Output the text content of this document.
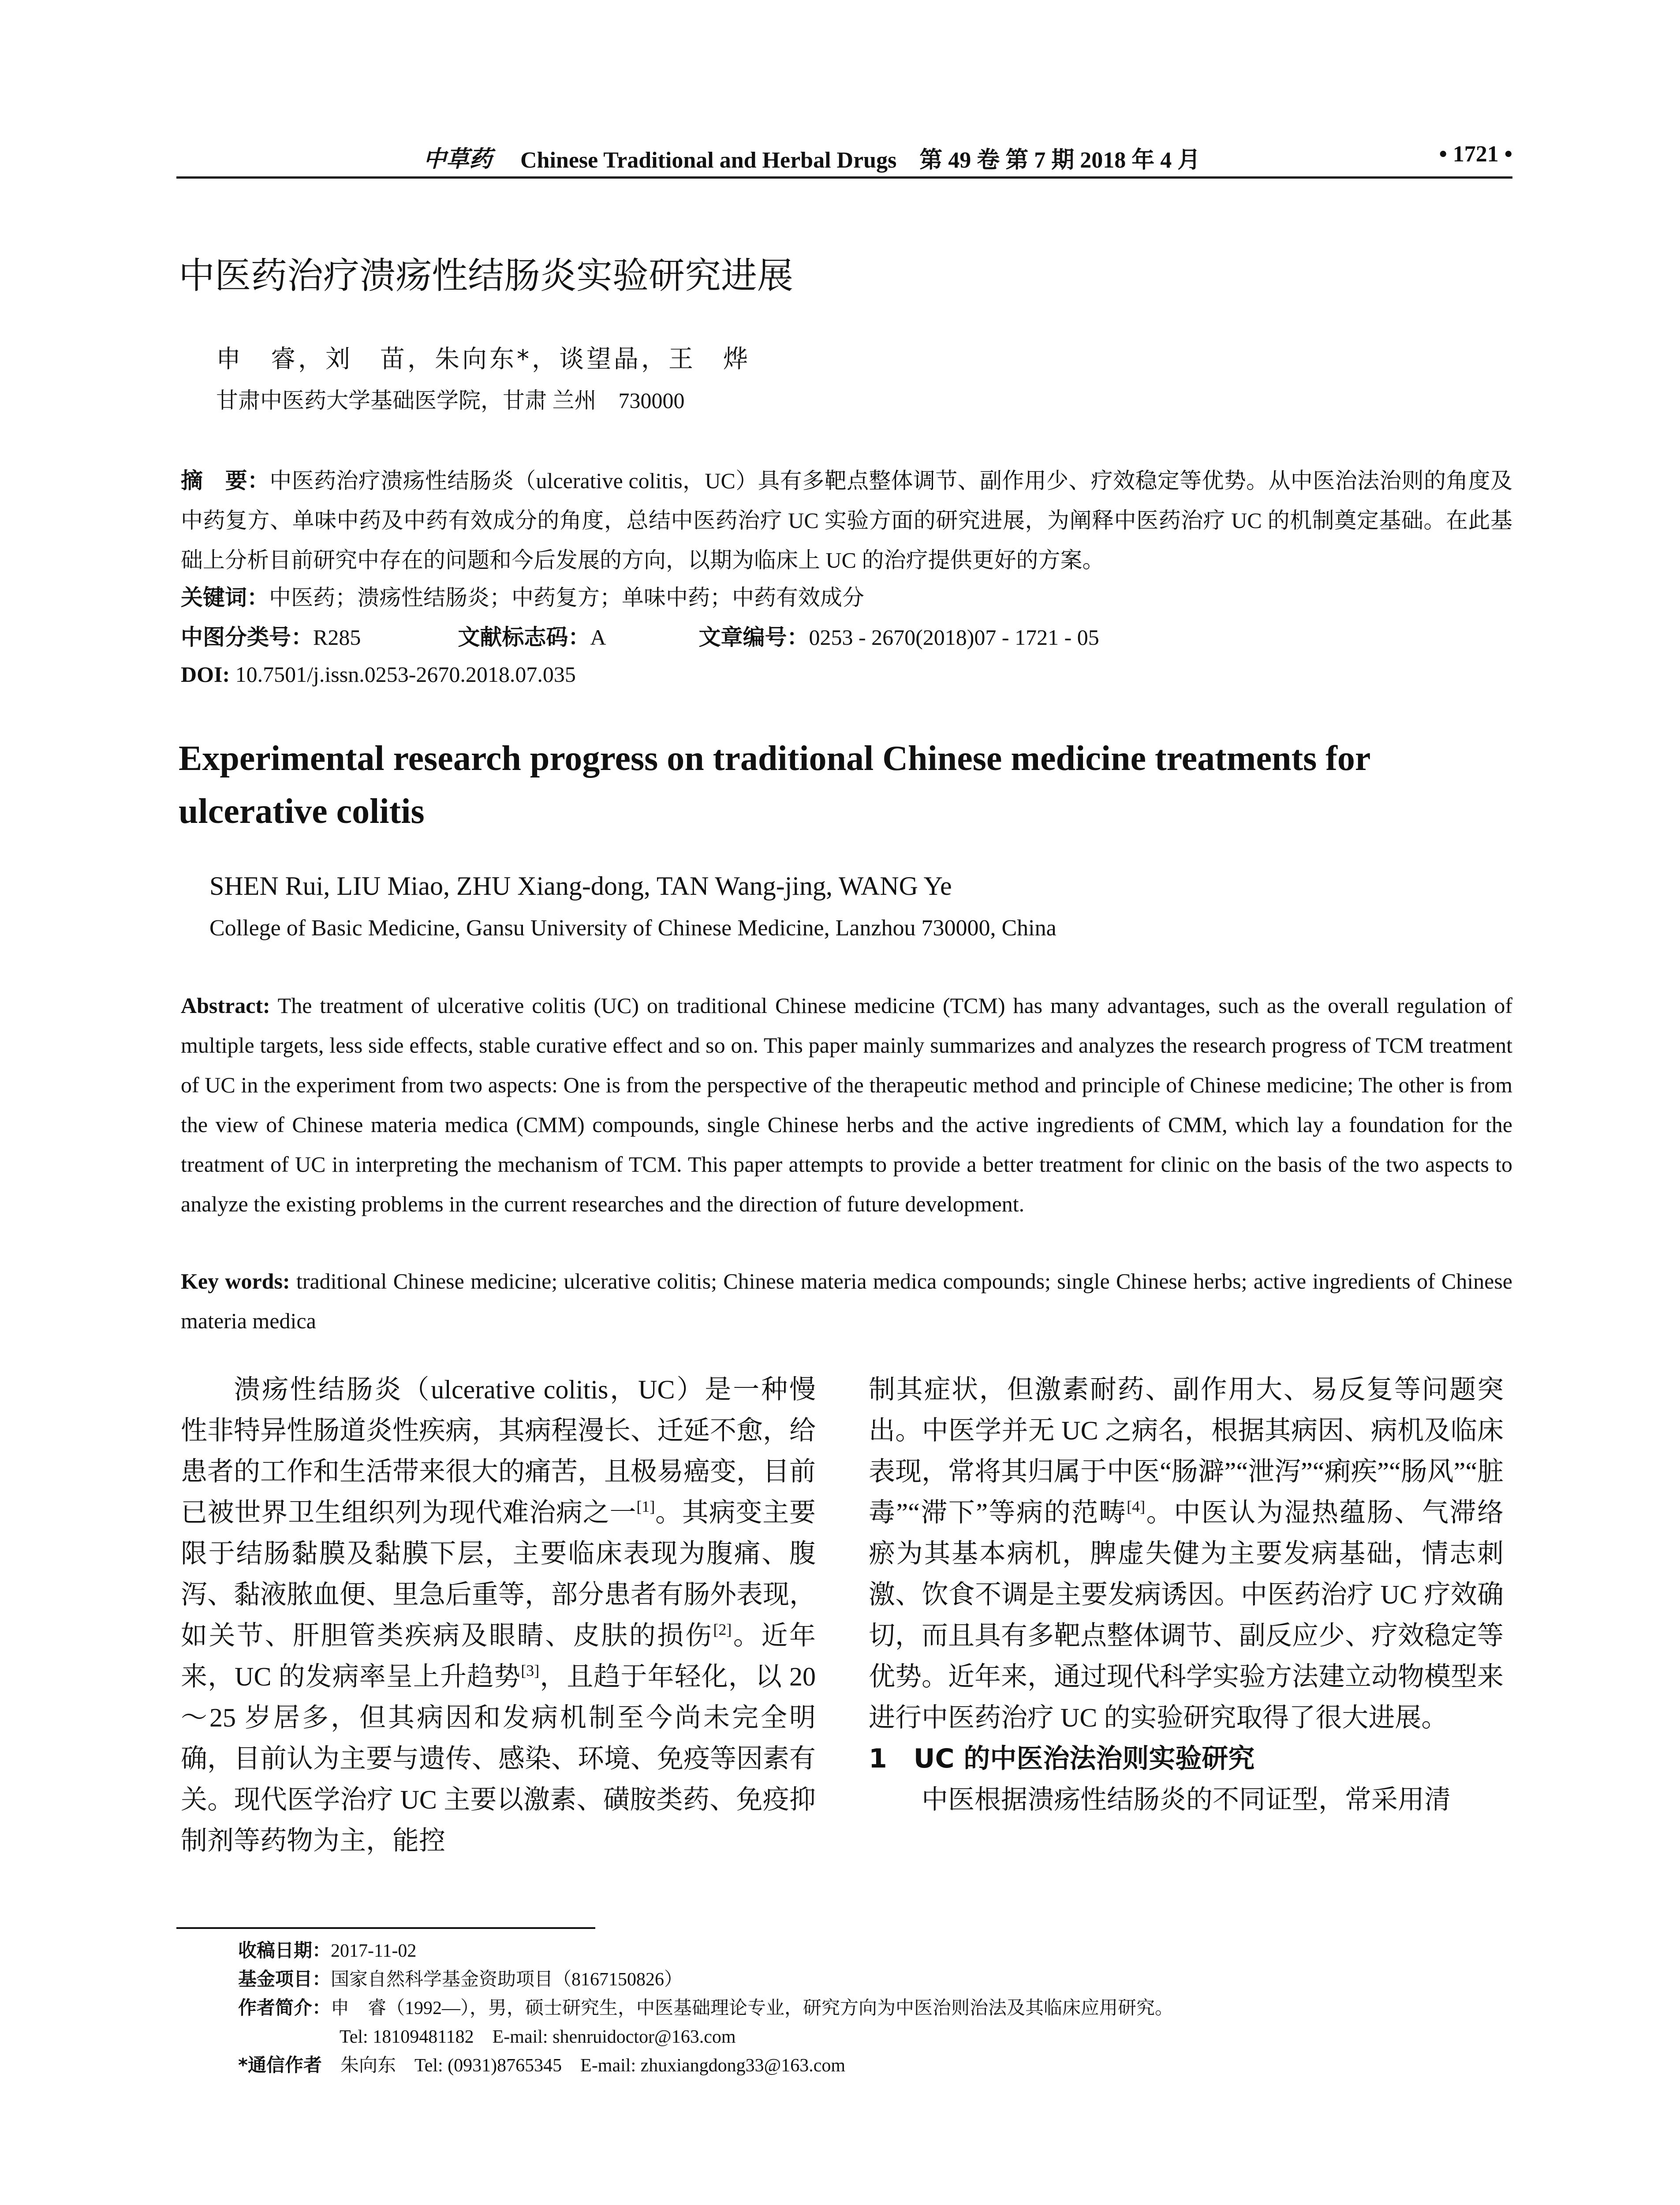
中草药 Chinese Traditional and Herbal Drugs　第 49 卷 第 7 期 2018 年 4 月	• 1721 •
中医药治疗溃疡性结肠炎实验研究进展
申　睿，刘　苗，朱向东*，谈望晶，王　烨
甘肃中医药大学基础医学院，甘肃 兰州　730000
摘　要：中医药治疗溃疡性结肠炎（ulcerative colitis，UC）具有多靶点整体调节、副作用少、疗效稳定等优势。从中医治法治则的角度及中药复方、单味中药及中药有效成分的角度，总结中医药治疗 UC 实验方面的研究进展，为阐释中医药治疗 UC 的机制奠定基础。在此基础上分析目前研究中存在的问题和今后发展的方向，以期为临床上 UC 的治疗提供更好的方案。
关键词：中医药；溃疡性结肠炎；中药复方；单味中药；中药有效成分
中图分类号：R285	文献标志码：A	文章编号：0253 - 2670(2018)07 - 1721 - 05
DOI: 10.7501/j.issn.0253-2670.2018.07.035
Experimental research progress on traditional Chinese medicine treatments for ulcerative colitis
SHEN Rui, LIU Miao, ZHU Xiang-dong, TAN Wang-jing, WANG Ye
College of Basic Medicine, Gansu University of Chinese Medicine, Lanzhou 730000, China
Abstract: The treatment of ulcerative colitis (UC) on traditional Chinese medicine (TCM) has many advantages, such as the overall regulation of multiple targets, less side effects, stable curative effect and so on. This paper mainly summarizes and analyzes the research progress of TCM treatment of UC in the experiment from two aspects: One is from the perspective of the therapeutic method and principle of Chinese medicine; The other is from the view of Chinese materia medica (CMM) compounds, single Chinese herbs and the active ingredients of CMM, which lay a foundation for the treatment of UC in interpreting the mechanism of TCM. This paper attempts to provide a better treatment for clinic on the basis of the two aspects to analyze the existing problems in the current researches and the direction of future development.
Key words: traditional Chinese medicine; ulcerative colitis; Chinese materia medica compounds; single Chinese herbs; active ingredients of Chinese materia medica

溃疡性结肠炎（ulcerative colitis，UC）是一种慢性非特异性肠道炎性疾病，其病程漫长、迁延不愈，给患者的工作和生活带来很大的痛苦，且极易癌变，目前已被世界卫生组织列为现代难治病之一[1]。其病变主要限于结肠黏膜及黏膜下层，主要临床表现为腹痛、腹泻、黏液脓血便、里急后重等，部分患者有肠外表现，如关节、肝胆管类疾病及眼睛、皮肤的损伤[2]。近年来，UC 的发病率呈上升趋势[3]，且趋于年轻化，以 20～25 岁居多，但其病因和发病机制至今尚未完全明确，目前认为主要与遗传、感染、环境、免疫等因素有关。现代医学治疗 UC 主要以激素、磺胺类药、免疫抑制剂等药物为主，能控

制其症状，但激素耐药、副作用大、易反复等问题突出。中医学并无 UC 之病名，根据其病因、病机及临床表现，常将其归属于中医“肠澼”“泄泻”“痢疾”“肠风”“脏毒”“滞下”等病的范畴[4]。中医认为湿热蕴肠、气滞络瘀为其基本病机，脾虚失健为主要发病基础，情志刺激、饮食不调是主要发病诱因。中医药治疗 UC 疗效确切，而且具有多靶点整体调节、副反应少、疗效稳定等优势。近年来，通过现代科学实验方法建立动物模型来进行中医药治疗 UC 的实验研究取得了很大进展。

1　UC 的中医治法治则实验研究

中医根据溃疡性结肠炎的不同证型，常采用清

收稿日期：2017-11-02
基金项目：国家自然科学基金资助项目（8167150826）
作者简介：申　睿（1992—），男，硕士研究生，中医基础理论专业，研究方向为中医治则治法及其临床应用研究。
Tel: 18109481182　E-mail: shenruidoctor@163.com
*通信作者　 朱向东　Tel: (0931)8765345　E-mail: zhuxiangdong33@163.com
